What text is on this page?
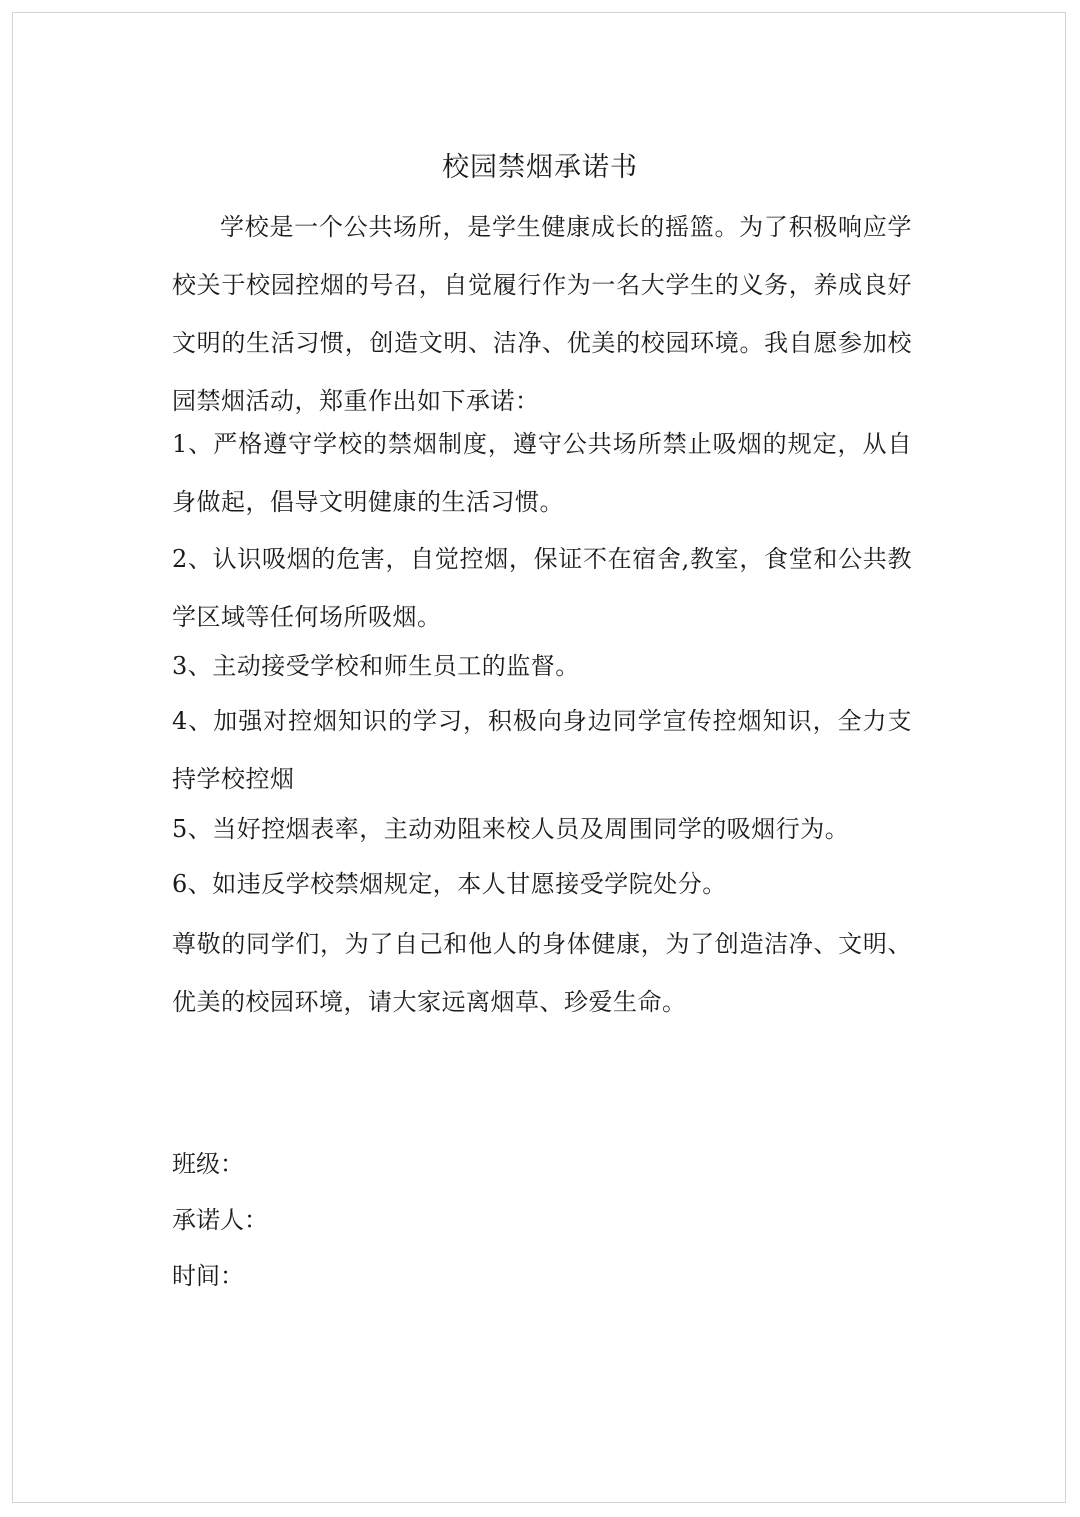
校园禁烟承诺书

学校是一个公共场所，是学生健康成长的摇篮。为了积极响应学校关于校园控烟的号召，自觉履行作为一名大学生的义务，养成良好文明的生活习惯，创造文明、洁净、优美的校园环境。我自愿参加校园禁烟活动，郑重作出如下承诺：

1、严格遵守学校的禁烟制度，遵守公共场所禁止吸烟的规定，从自身做起，倡导文明健康的生活习惯。

2、认识吸烟的危害，自觉控烟，保证不在宿舍,教室，食堂和公共教学区域等任何场所吸烟。

3、主动接受学校和师生员工的监督。

4、加强对控烟知识的学习，积极向身边同学宣传控烟知识，全力支持学校控烟

5、当好控烟表率，主动劝阻来校人员及周围同学的吸烟行为。

6、如违反学校禁烟规定，本人甘愿接受学院处分。

尊敬的同学们，为了自己和他人的身体健康，为了创造洁净、文明、优美的校园环境，请大家远离烟草、珍爱生命。

班级：
承诺人：
时间：
